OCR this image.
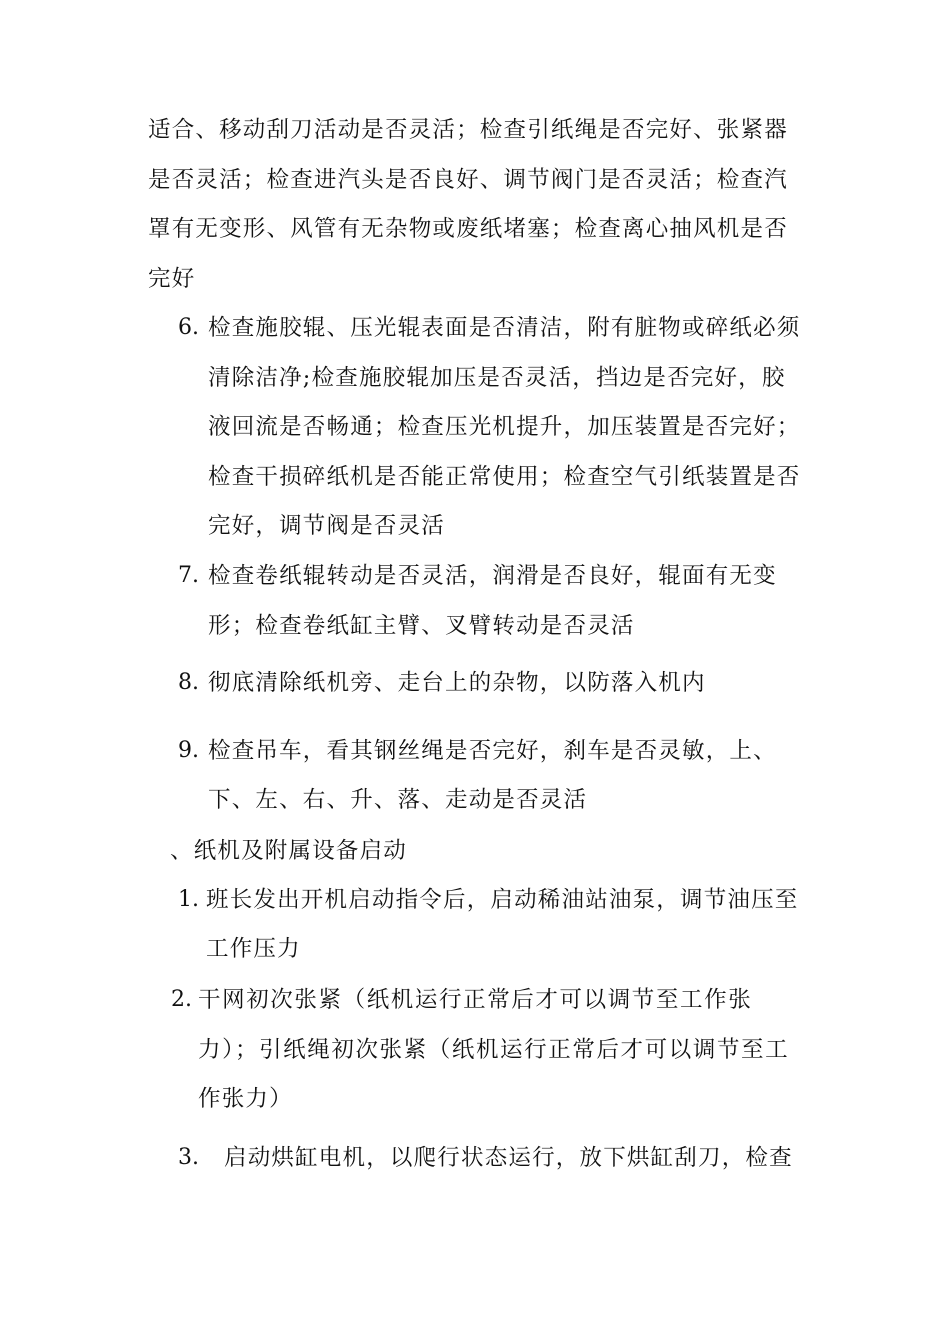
适合、移动刮刀活动是否灵活；检查引纸绳是否完好、张紧器
是否灵活；检查进汽头是否良好、调节阀门是否灵活；检查汽
罩有无变形、风管有无杂物或废纸堵塞；检查离心抽风机是否
完好
6. 检查施胶辊、压光辊表面是否清洁，附有脏物或碎纸必须
清除洁净;检查施胶辊加压是否灵活，挡边是否完好，胶
液回流是否畅通；检查压光机提升，加压装置是否完好；
检查干损碎纸机是否能正常使用；检查空气引纸装置是否
完好，调节阀是否灵活
7. 检查卷纸辊转动是否灵活，润滑是否良好，辊面有无变
形；检查卷纸缸主臂、叉臂转动是否灵活
8. 彻底清除纸机旁、走台上的杂物，以防落入机内
9. 检查吊车，看其钢丝绳是否完好，刹车是否灵敏，上、
下、左、右、升、落、走动是否灵活
、纸机及附属设备启动
1. 班长发出开机启动指令后，启动稀油站油泵，调节油压至
工作压力
2. 干网初次张紧（纸机运行正常后才可以调节至工作张
力）；引纸绳初次张紧（纸机运行正常后才可以调节至工
作张力）
3. 启动烘缸电机，以爬行状态运行，放下烘缸刮刀，检查
